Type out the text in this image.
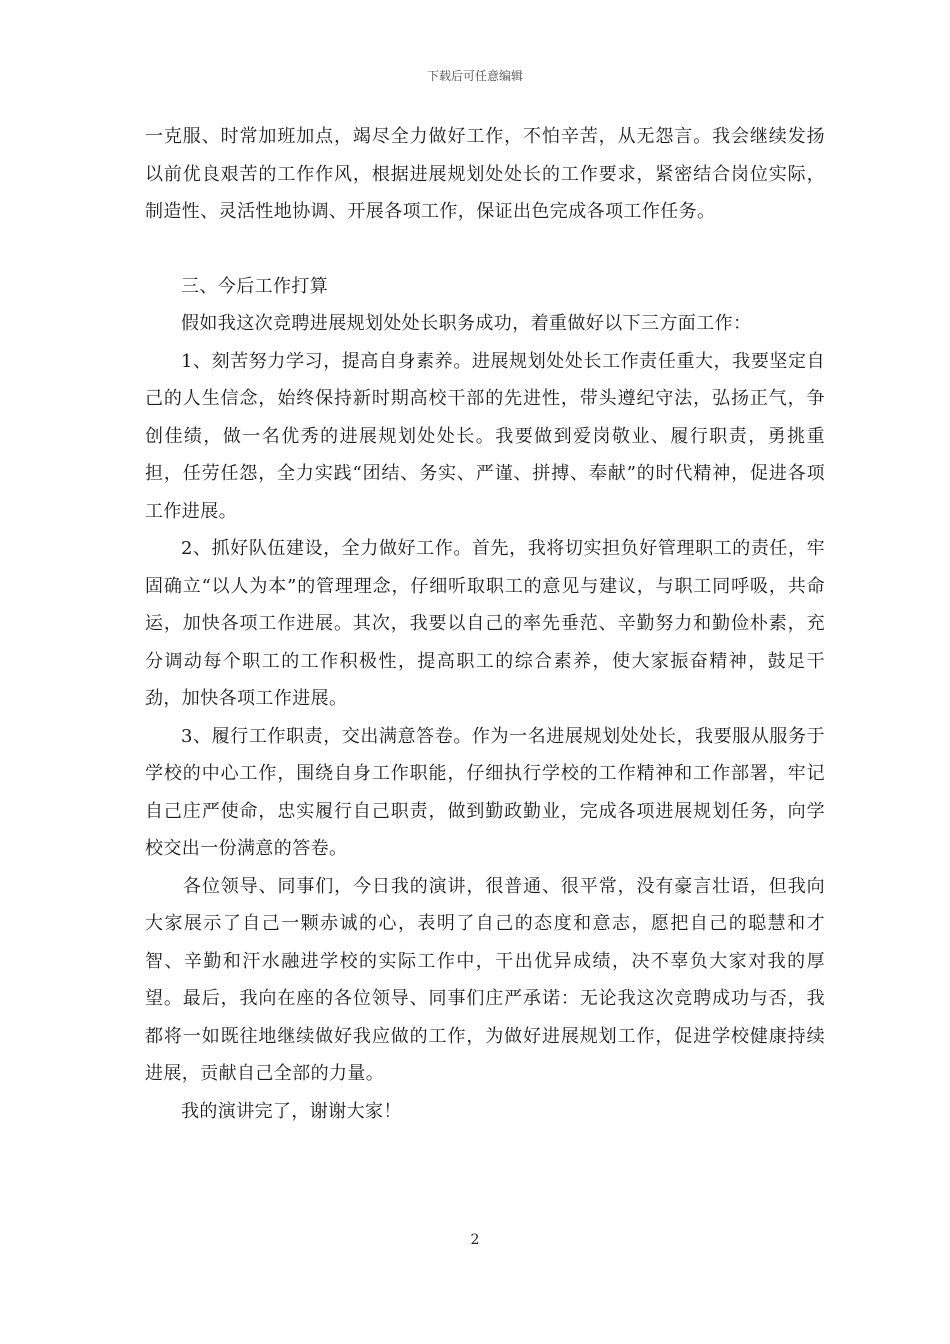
下载后可任意编辑

一克服、时常加班加点，竭尽全力做好工作，不怕辛苦，从无怨言。我会继续发扬以前优良艰苦的工作作风，根据进展规划处处长的工作要求，紧密结合岗位实际，制造性、灵活性地协调、开展各项工作，保证出色完成各项工作任务。

三、今后工作打算

假如我这次竞聘进展规划处处长职务成功，着重做好以下三方面工作：

1、刻苦努力学习，提高自身素养。进展规划处处长工作责任重大，我要坚定自己的人生信念，始终保持新时期高校干部的先进性，带头遵纪守法，弘扬正气，争创佳绩，做一名优秀的进展规划处处长。我要做到爱岗敬业、履行职责，勇挑重担，任劳任怨，全力实践“团结、务实、严谨、拼搏、奉献”的时代精神，促进各项工作进展。

2、抓好队伍建设，全力做好工作。首先，我将切实担负好管理职工的责任，牢固确立“以人为本”的管理理念，仔细听取职工的意见与建议，与职工同呼吸，共命运，加快各项工作进展。其次，我要以自己的率先垂范、辛勤努力和勤俭朴素，充分调动每个职工的工作积极性，提高职工的综合素养，使大家振奋精神，鼓足干劲，加快各项工作进展。

3、履行工作职责，交出满意答卷。作为一名进展规划处处长，我要服从服务于学校的中心工作，围绕自身工作职能，仔细执行学校的工作精神和工作部署，牢记自己庄严使命，忠实履行自己职责，做到勤政勤业，完成各项进展规划任务，向学校交出一份满意的答卷。

各位领导、同事们，今日我的演讲，很普通、很平常，没有豪言壮语，但我向大家展示了自己一颗赤诚的心，表明了自己的态度和意志，愿把自己的聪慧和才智、辛勤和汗水融进学校的实际工作中，干出优异成绩，决不辜负大家对我的厚望。最后，我向在座的各位领导、同事们庄严承诺：无论我这次竞聘成功与否，我都将一如既往地继续做好我应做的工作，为做好进展规划工作，促进学校健康持续进展，贡献自己全部的力量。

我的演讲完了，谢谢大家！

2
